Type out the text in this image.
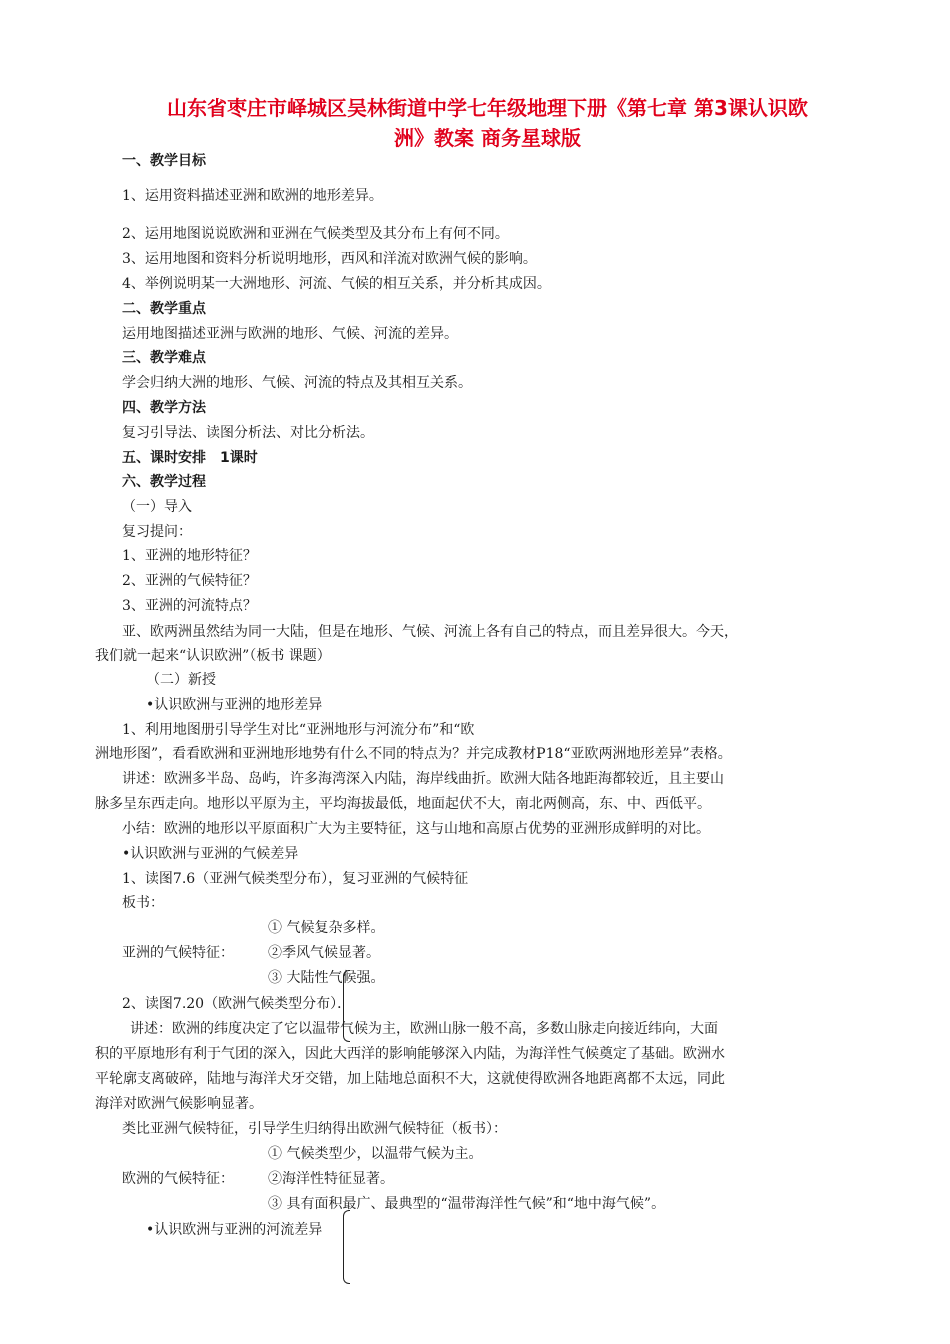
山东省枣庄市峄城区吴林街道中学七年级地理下册《第七章 第3课认识欧
洲》教案 商务星球版
一、教学目标
1、运用资料描述亚洲和欧洲的地形差异。
2、运用地图说说欧洲和亚洲在气候类型及其分布上有何不同。
3、运用地图和资料分析说明地形，西风和洋流对欧洲气候的影响。
4、举例说明某一大洲地形、河流、气候的相互关系，并分析其成因。
二、教学重点
运用地图描述亚洲与欧洲的地形、气候、河流的差异。
三、教学难点
学会归纳大洲的地形、气候、河流的特点及其相互关系。
四、教学方法
复习引导法、读图分析法、对比分析法。
五、课时安排　1课时
六、教学过程
（一）导入
复习提问：
1、亚洲的地形特征？
2、亚洲的气候特征？
3、亚洲的河流特点？
亚、欧两洲虽然结为同一大陆，但是在地形、气候、河流上各有自己的特点，而且差异很大。今天，
我们就一起来“认识欧洲”（板书 课题）
（二）新授
•认识欧洲与亚洲的地形差异
1、利用地图册引导学生对比“亚洲地形与河流分布”和“欧
洲地形图”，看看欧洲和亚洲地形地势有什么不同的特点为？并完成教材P18“亚欧两洲地形差异”表格。
讲述：欧洲多半岛、岛屿，许多海湾深入内陆，海岸线曲折。欧洲大陆各地距海都较近，且主要山
脉多呈东西走向。地形以平原为主，平均海拔最低，地面起伏不大，南北两侧高，东、中、西低平。
小结：欧洲的地形以平原面积广大为主要特征，这与山地和高原占优势的亚洲形成鲜明的对比。
•认识欧洲与亚洲的气候差异
1、读图7.6（亚洲气候类型分布），复习亚洲的气候特征
板书：
① 气候复杂多样。
亚洲的气候特征： ②季风气候显著。
③ 大陆性气候强。
2、读图7.20（欧洲气候类型分布）．
讲述：欧洲的纬度决定了它以温带气候为主，欧洲山脉一般不高，多数山脉走向接近纬向，大面
积的平原地形有利于气团的深入，因此大西洋的影响能够深入内陆，为海洋性气候奠定了基础。欧洲水
平轮廓支离破碎，陆地与海洋犬牙交错，加上陆地总面积不大，这就使得欧洲各地距离都不太远，同此
海洋对欧洲气候影响显著。
类比亚洲气候特征，引导学生归纳得出欧洲气候特征（板书）：
① 气候类型少，以温带气候为主。
欧洲的气候特征： ②海洋性特征显著。
③ 具有面积最广、最典型的“温带海洋性气候”和“地中海气候”。
•认识欧洲与亚洲的河流差异
